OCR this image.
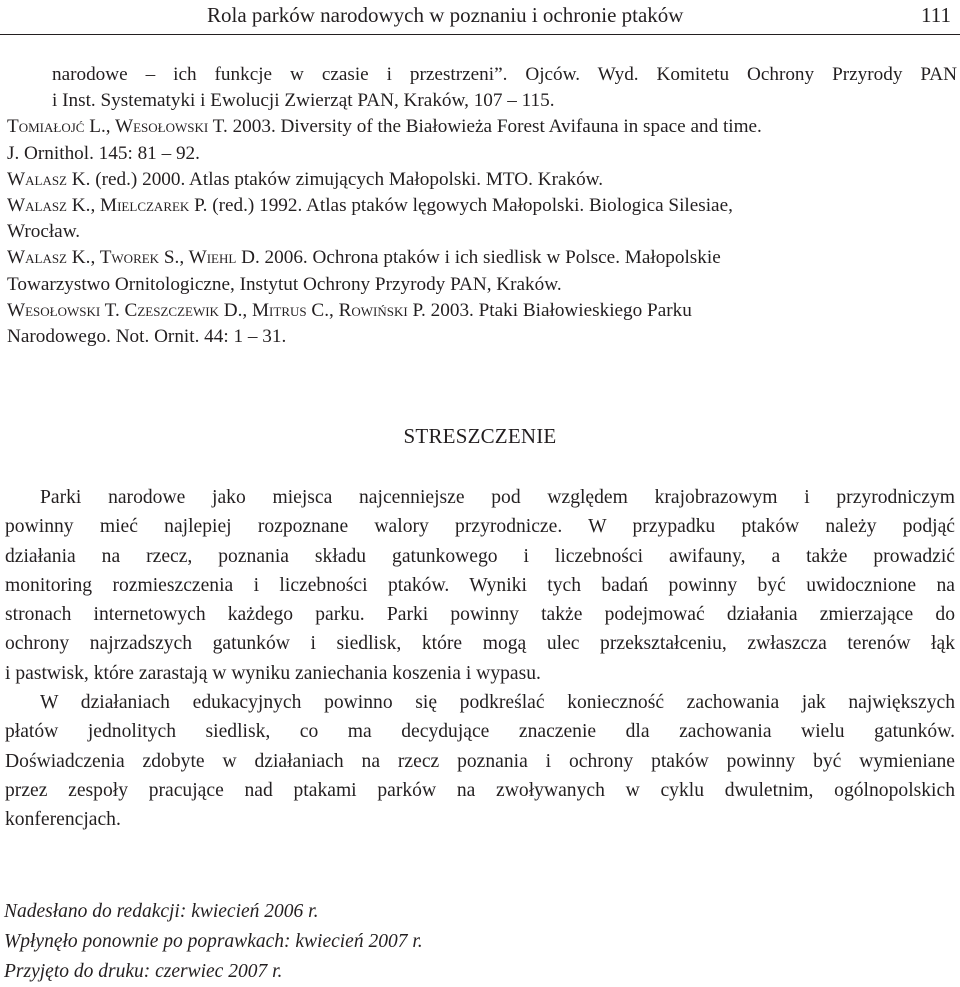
Rola parków narodowych w poznaniu i ochronie ptaków	111
narodowe – ich funkcje w czasie i przestrzeni”. Ojców. Wyd. Komitetu Ochrony Przyrody PAN
i Inst. Systematyki i Ewolucji Zwierząt PAN, Kraków, 107 – 115.
Tomiałojć L., Wesołowski T. 2003. Diversity of the Białowieża Forest Avifauna in space and time.
J. Ornithol. 145: 81 – 92.
Walasz K. (red.) 2000. Atlas ptaków zimujących Małopolski. MTO. Kraków.
Walasz K., Mielczarek P. (red.) 1992. Atlas ptaków lęgowych Małopolski. Biologica Silesiae,
Wrocław.
Walasz K., Tworek S., Wiehl D. 2006. Ochrona ptaków i ich siedlisk w Polsce. Małopolskie
Towarzystwo Ornitologiczne, Instytut Ochrony Przyrody PAN, Kraków.
Wesołowski T. Czeszczewik D., Mitrus C., Rowiński P. 2003. Ptaki Białowieskiego Parku
Narodowego. Not. Ornit. 44: 1 – 31.
STRESZCZENIE
Parki narodowe jako miejsca najcenniejsze pod względem krajobrazowym i przyrodniczym
powinny mieć najlepiej rozpoznane walory przyrodnicze. W przypadku ptaków należy podjąć
działania na rzecz, poznania składu gatunkowego i liczebności awifauny, a także prowadzić
monitoring rozmieszczenia i liczebności ptaków. Wyniki tych badań powinny być uwidocznione na
stronach internetowych każdego parku. Parki powinny także podejmować działania zmierzające do
ochrony najrzadszych gatunków i siedlisk, które mogą ulec przekształceniu, zwłaszcza terenów łąk
i pastwisk, które zarastają w wyniku zaniechania koszenia i wypasu.
W działaniach edukacyjnych powinno się podkreślać konieczność zachowania jak największych
płatów jednolitych siedlisk, co ma decydujące znaczenie dla zachowania wielu gatunków.
Doświadczenia zdobyte w działaniach na rzecz poznania i ochrony ptaków powinny być wymieniane
przez zespoły pracujące nad ptakami parków na zwoływanych w cyklu dwuletnim, ogólnopolskich
konferencjach.
Nadesłano do redakcji: kwiecień 2006 r.
Wpłynęło ponownie po poprawkach: kwiecień 2007 r.
Przyjęto do druku: czerwiec 2007 r.
